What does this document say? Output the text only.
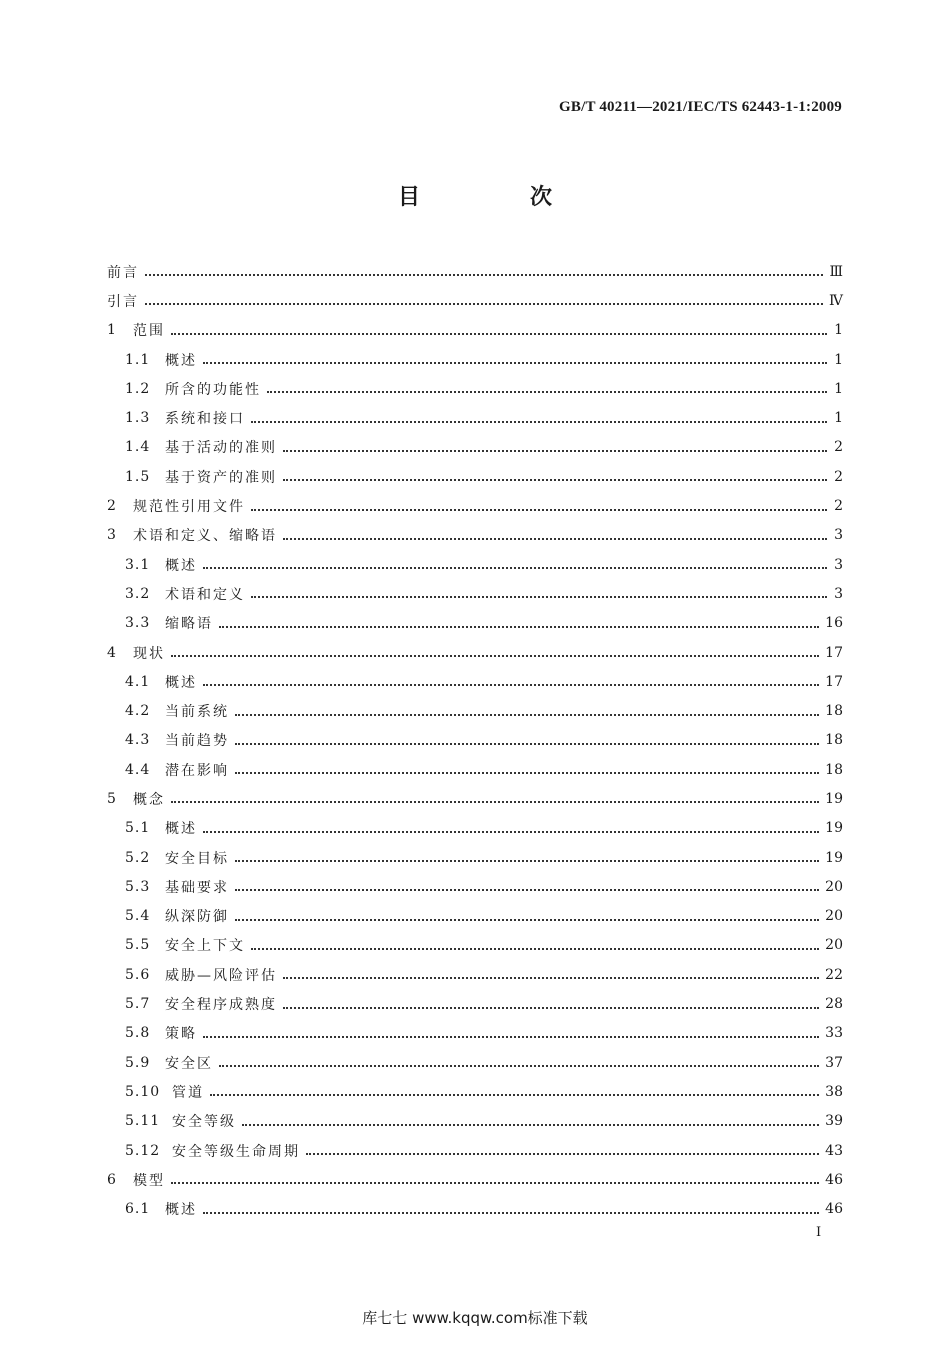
GB/T 40211—2021/IEC/TS 62443-1-1:2009
目　次
前言	Ⅲ
引言	Ⅳ
1	范围	1
1.1	概述	1
1.2	所含的功能性	1
1.3	系统和接口	1
1.4	基于活动的准则	2
1.5	基于资产的准则	2
2	规范性引用文件	2
3	术语和定义、缩略语	3
3.1	概述	3
3.2	术语和定义	3
3.3	缩略语	16
4	现状	17
4.1	概述	17
4.2	当前系统	18
4.3	当前趋势	18
4.4	潜在影响	18
5	概念	19
5.1	概述	19
5.2	安全目标	19
5.3	基础要求	20
5.4	纵深防御	20
5.5	安全上下文	20
5.6	威胁—风险评估	22
5.7	安全程序成熟度	28
5.8	策略	33
5.9	安全区	37
5.10 管道	38
5.11 安全等级	39
5.12 安全等级生命周期	43
6	模型	46
6.1	概述	46
Ⅰ
库七七 www.kqqw.com标准下载
